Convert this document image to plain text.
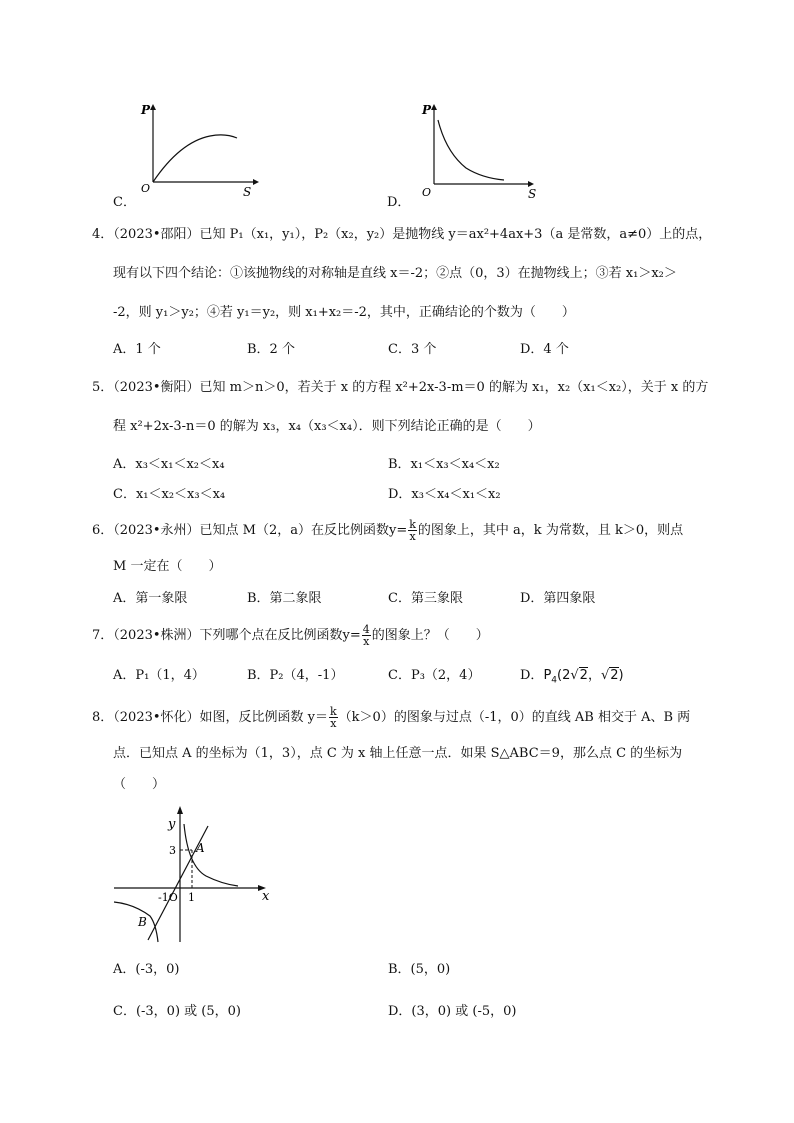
P
S
O
C．
P
S
O
D．
4．（2023•邵阳）已知 P₁（x₁，y₁），P₂（x₂，y₂）是抛物线 y＝ax²+4ax+3（a 是常数，a≠0）上的点，
现有以下四个结论：①该抛物线的对称轴是直线 x＝-2；②点（0，3）在抛物线上；③若 x₁＞x₂＞
-2，则 y₁＞y₂；④若 y₁＝y₂，则 x₁+x₂＝-2，其中，正确结论的个数为（　　）
A．1 个	B．2 个	C．3 个	D．4 个
5．（2023•衡阳）已知 m＞n＞0，若关于 x 的方程 x²+2x-3-m＝0 的解为 x₁，x₂（x₁＜x₂），关于 x 的方
程 x²+2x-3-n＝0 的解为 x₃，x₄（x₃＜x₄）．则下列结论正确的是（　　）
A．x₃＜x₁＜x₂＜x₄	B．x₁＜x₃＜x₄＜x₂
C．x₁＜x₂＜x₃＜x₄	D．x₃＜x₄＜x₁＜x₂
6．（2023•永州）已知点 M（2，a）在反比例函数$y= \frac{k}{x}$ 的图象上，其中 a，k 为常数，且 k＞0，则点
M 一定在（　　）
A．第一象限	B．第二象限	C．第三象限	D．第四象限
7．（2023•株洲）下列哪个点在反比例函数$y= \frac{4}{x}$ 的图象上？（　　）
A．P₁（1，4）	B．P₂（4，-1）	C．P₃（2，4）	D．$P_4(2√2$，√2)
8．（2023•怀化）如图，反比例函数 $y= \frac{k}{x} (k>0)$的图象与过点（-1，0）的直线 AB 相交于 A、B 两
点．已知点 A 的坐标为（1，3），点 C 为 x 轴上任意一点．如果 S△ABC＝9，那么点 C 的坐标为
（　　）
y
x
A
B
3
1
-1O
A．(-3，0)	B．(5，0)
C．(-3，0) 或 (5，0)	D．(3，0) 或 (-5，0)
